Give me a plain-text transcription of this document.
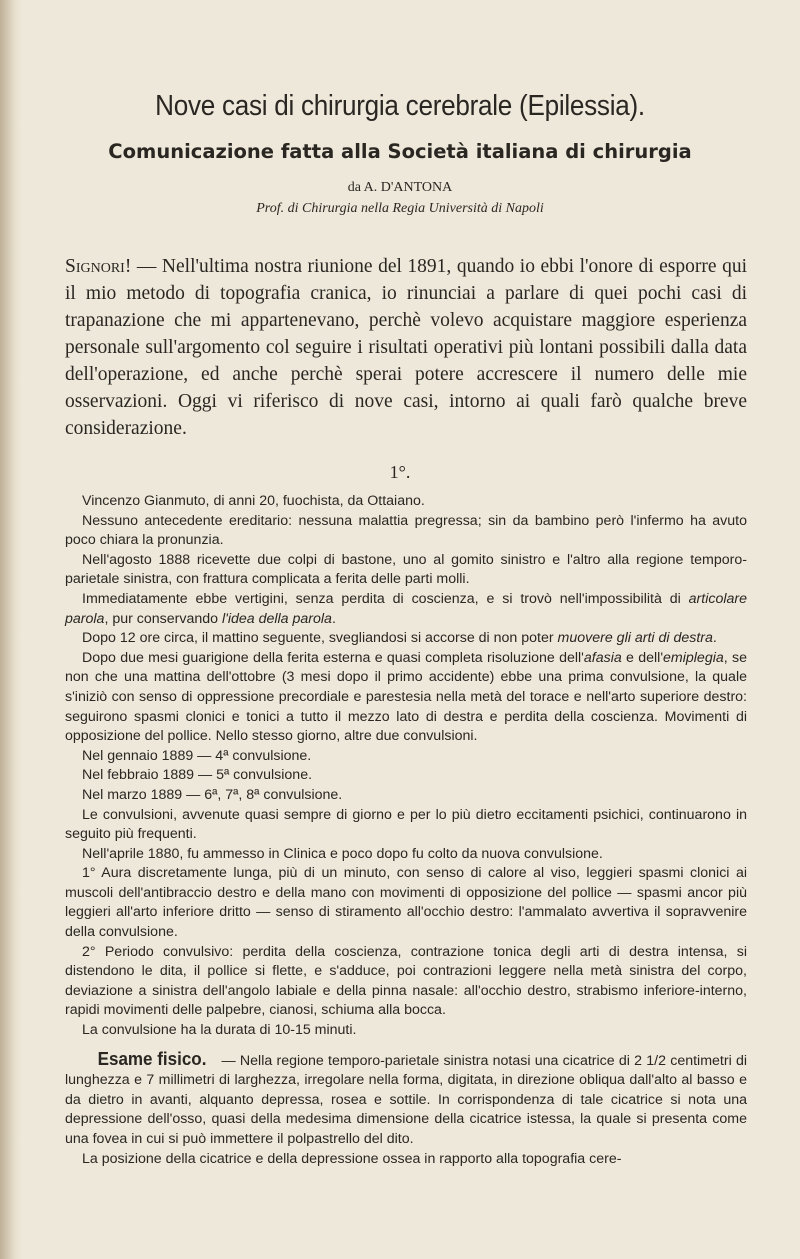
Nove casi di chirurgia cerebrale (Epilessia).
Comunicazione fatta alla Società italiana di chirurgia
da A. D'ANTONA
Prof. di Chirurgia nella Regia Università di Napoli

Signori! — Nell'ultima nostra riunione del 1891, quando io ebbi l'onore di esporre qui il mio metodo di topografia cranica, io rinunciai a parlare di quei pochi casi di trapanazione che mi appartenevano, perchè volevo acquistare maggiore esperienza personale sull'argomento col seguire i risultati operativi più lontani possibili dalla data dell'operazione, ed anche perchè sperai potere accrescere il numero delle mie osservazioni. Oggi vi riferisco di nove casi, intorno ai quali farò qualche breve considerazione.

1°.

Vincenzo Gianmuto, di anni 20, fuochista, da Ottaiano.

Nessuno antecedente ereditario: nessuna malattia pregressa; sin da bambino però l'infermo ha avuto poco chiara la pronunzia.

Nell'agosto 1888 ricevette due colpi di bastone, uno al gomito sinistro e l'altro alla regione temporo-parietale sinistra, con frattura complicata a ferita delle parti molli.

Immediatamente ebbe vertigini, senza perdita di coscienza, e si trovò nell'impossibilità di articolare parola, pur conservando l'idea della parola.

Dopo 12 ore circa, il mattino seguente, svegliandosi si accorse di non poter muovere gli arti di destra.

Dopo due mesi guarigione della ferita esterna e quasi completa risoluzione dell'afasia e dell'emiplegia, se non che una mattina dell'ottobre (3 mesi dopo il primo accidente) ebbe una prima convulsione, la quale s'iniziò con senso di oppressione precordiale e parestesia nella metà del torace e nell'arto superiore destro: seguirono spasmi clonici e tonici a tutto il mezzo lato di destra e perdita della coscienza. Movimenti di opposizione del pollice. Nello stesso giorno, altre due convulsioni.

Nel gennaio 1889 — 4ª convulsione.

Nel febbraio 1889 — 5ª convulsione.

Nel marzo 1889 — 6ª, 7ª, 8ª convulsione.

Le convulsioni, avvenute quasi sempre di giorno e per lo più dietro eccitamenti psichici, continuarono in seguito più frequenti.

Nell'aprile 1880, fu ammesso in Clinica e poco dopo fu colto da nuova convulsione.

1° Aura discretamente lunga, più di un minuto, con senso di calore al viso, leggieri spasmi clonici ai muscoli dell'antibraccio destro e della mano con movimenti di opposizione del pollice — spasmi ancor più leggieri all'arto inferiore dritto — senso di stiramento all'occhio destro: l'ammalato avvertiva il sopravvenire della convulsione.

2° Periodo convulsivo: perdita della coscienza, contrazione tonica degli arti di destra intensa, si distendono le dita, il pollice si flette, e s'adduce, poi contrazioni leggere nella metà sinistra del corpo, deviazione a sinistra dell'angolo labiale e della pinna nasale: all'occhio destro, strabismo inferiore-interno, rapidi movimenti delle palpebre, cianosi, schiuma alla bocca.

La convulsione ha la durata di 10-15 minuti.

Esame fisico. — Nella regione temporo-parietale sinistra notasi una cicatrice di 2 1/2 centimetri di lunghezza e 7 millimetri di larghezza, irregolare nella forma, digitata, in direzione obliqua dall'alto al basso e da dietro in avanti, alquanto depressa, rosea e sottile. In corrispondenza di tale cicatrice si nota una depressione dell'osso, quasi della medesima dimensione della cicatrice istessa, la quale si presenta come una fovea in cui si può immettere il polpastrello del dito.

La posizione della cicatrice e della depressione ossea in rapporto alla topografia cere-
